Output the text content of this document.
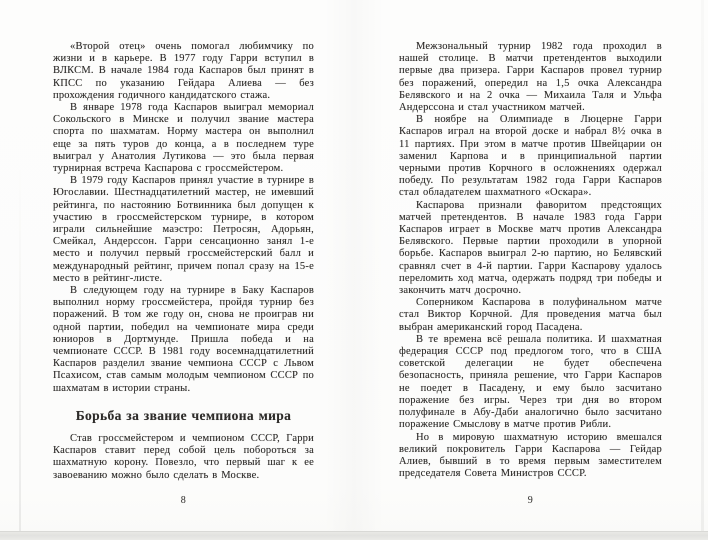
«Второй отец» очень помогал любимчику по жизни и в карьере. В 1977 году Гарри вступил в ВЛКСМ. В начале 1984 года Каспаров был принят в КПСС по указанию Гейдара Алиева — без прохождения годичного кандидатского стажа.

В январе 1978 года Каспаров выиграл мемориал Сокольского в Минске и получил звание мастера спорта по шахматам. Норму мастера он выполнил еще за пять туров до конца, а в последнем туре выиграл у Анатолия Лутикова — это была первая турнирная встреча Каспарова с гроссмейстером.

В 1979 году Каспаров принял участие в турнире в Югославии. Шестнадцатилетний мастер, не имевший рейтинга, по настоянию Ботвинника был допущен к участию в гроссмейстерском турнире, в котором играли сильнейшие маэстро: Петросян, Адорьян, Смейкал, Андерссон. Гарри сенсационно занял 1-е место и получил первый гроссмейстерский балл и международный рейтинг, причем попал сразу на 15-е место в рейтинг-листе.

В следующем году на турнире в Баку Каспаров выполнил норму гроссмейстера, пройдя турнир без поражений. В том же году он, снова не проиграв ни одной партии, победил на чемпионате мира среди юниоров в Дортмунде. Пришла победа и на чемпионате СССР. В 1981 году восемнадцатилетний Каспаров разделил звание чемпиона СССР с Львом Псахисом, став самым молодым чемпионом СССР по шахматам в истории страны.

Борьба за звание чемпиона мира

Став гроссмейстером и чемпионом СССР, Гарри Каспаров ставит перед собой цель побороться за шахматную корону. Повезло, что первый шаг к ее завоеванию можно было сделать в Москве.

Межзональный турнир 1982 года проходил в нашей столице. В матчи претендентов выходили первые два призера. Гарри Каспаров провел турнир без поражений, опередил на 1,5 очка Александра Белявского и на 2 очка — Михаила Таля и Ульфа Андерссона и стал участником матчей.

В ноябре на Олимпиаде в Люцерне Гарри Каспаров играл на второй доске и набрал 8½ очка в 11 партиях. При этом в матче против Швейцарии он заменил Карпова и в принципиальной партии черными против Корчного в осложнениях одержал победу. По результатам 1982 года Гарри Каспаров стал обладателем шахматного «Оскара».

Каспарова признали фаворитом предстоящих матчей претендентов. В начале 1983 года Гарри Каспаров играет в Москве матч против Александра Белявского. Первые партии проходили в упорной борьбе. Каспаров выиграл 2-ю партию, но Белявский сравнял счет в 4-й партии. Гарри Каспарову удалось переломить ход матча, одержать подряд три победы и закончить матч досрочно.

Соперником Каспарова в полуфинальном матче стал Виктор Корчной. Для проведения матча был выбран американский город Пасадена.

В те времена всё решала политика. И шахматная федерация СССР под предлогом того, что в США советской делегации не будет обеспечена безопасность, приняла решение, что Гарри Каспаров не поедет в Пасадену, и ему было засчитано поражение без игры. Через три дня во втором полуфинале в Абу-Даби аналогично было засчитано поражение Смыслову в матче против Рибли.

Но в мировую шахматную историю вмешался великий покровитель Гарри Каспарова — Гейдар Алиев, бывший в то время первым заместителем председателя Совета Министров СССР.

8	9
